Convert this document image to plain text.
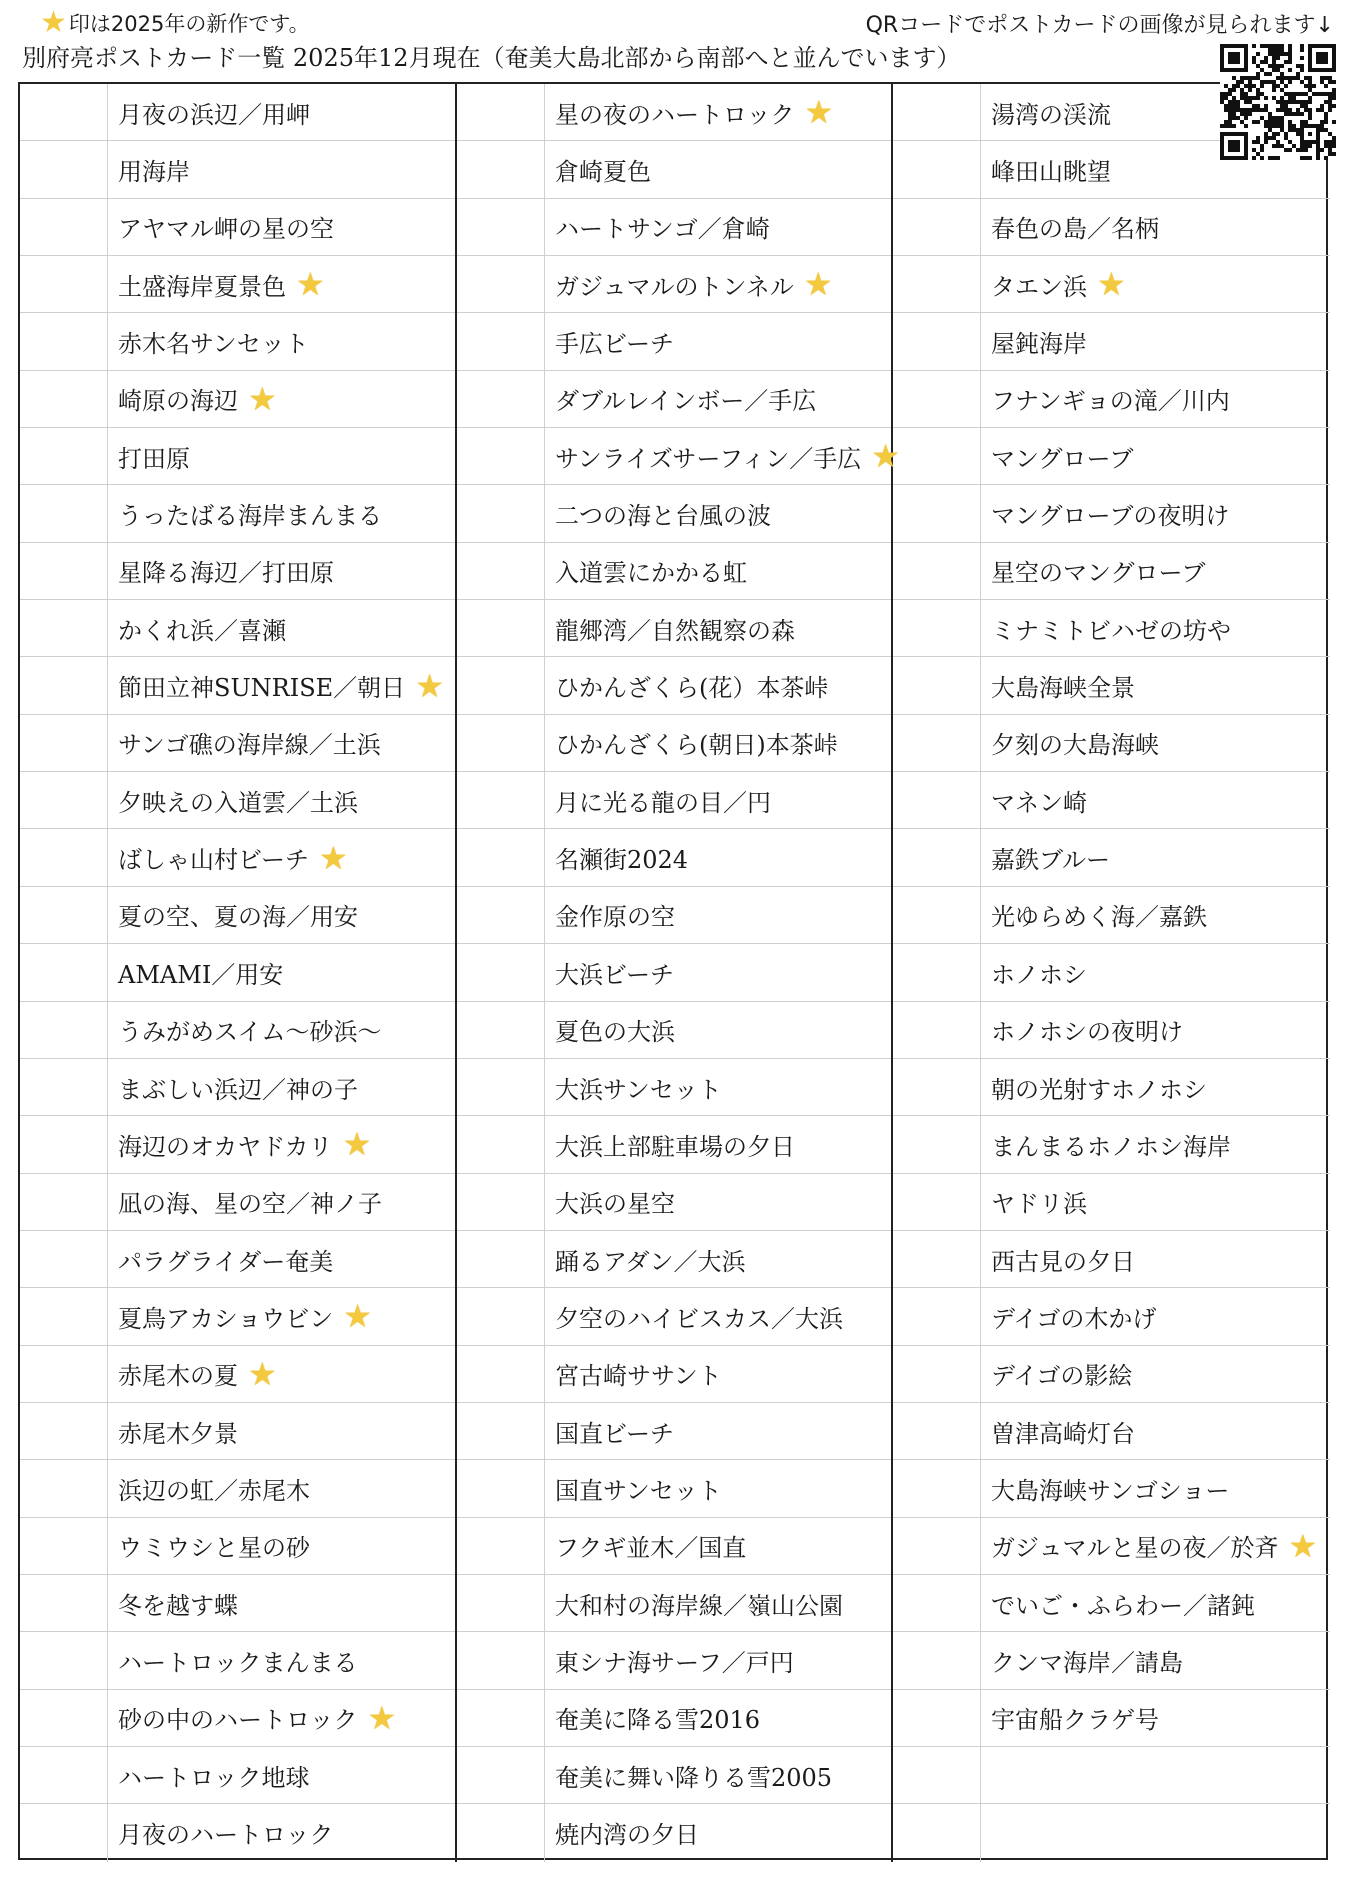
★ 印は2025年の新作です。	QRコードでポストカードの画像が見られます↓
別府亮ポストカード一覧 2025年12月現在（奄美大島北部から南部へと並んでいます）
月夜の浜辺／用岬
用海岸
アヤマル岬の星の空
土盛海岸夏景色 ★
赤木名サンセット
崎原の海辺 ★
打田原
うったばる海岸まんまる
星降る海辺／打田原
かくれ浜／喜瀬
節田立神SUNRISE／朝日 ★
サンゴ礁の海岸線／土浜
夕映えの入道雲／土浜
ばしゃ山村ビーチ ★
夏の空、夏の海／用安
AMAMI／用安
うみがめスイム〜砂浜〜
まぶしい浜辺／神の子
海辺のオカヤドカリ ★
凪の海、星の空／神ノ子
パラグライダー奄美
夏鳥アカショウビン ★
赤尾木の夏 ★
赤尾木夕景
浜辺の虹／赤尾木
ウミウシと星の砂
冬を越す蝶
ハートロックまんまる
砂の中のハートロック ★
ハートロック地球
月夜のハートロック
星の夜のハートロック ★
倉崎夏色
ハートサンゴ／倉崎
ガジュマルのトンネル ★
手広ビーチ
ダブルレインボー／手広
サンライズサーフィン／手広 ★
二つの海と台風の波
入道雲にかかる虹
龍郷湾／自然観察の森
ひかんざくら(花）本茶峠
ひかんざくら(朝日)本茶峠
月に光る龍の目／円
名瀬街2024
金作原の空
大浜ビーチ
夏色の大浜
大浜サンセット
大浜上部駐車場の夕日
大浜の星空
踊るアダン／大浜
夕空のハイビスカス／大浜
宮古崎ササント
国直ビーチ
国直サンセット
フクギ並木／国直
大和村の海岸線／嶺山公園
東シナ海サーフ／戸円
奄美に降る雪2016
奄美に舞い降りる雪2005
焼内湾の夕日
湯湾の渓流
峰田山眺望
春色の島／名柄
タエン浜 ★
屋鈍海岸
フナンギョの滝／川内
マングローブ
マングローブの夜明け
星空のマングローブ
ミナミトビハゼの坊や
大島海峡全景
夕刻の大島海峡
マネン崎
嘉鉄ブルー
光ゆらめく海／嘉鉄
ホノホシ
ホノホシの夜明け
朝の光射すホノホシ
まんまるホノホシ海岸
ヤドリ浜
西古見の夕日
デイゴの木かげ
デイゴの影絵
曽津高崎灯台
大島海峡サンゴショー
ガジュマルと星の夜／於斉 ★
でいご・ふらわー／諸鈍
クンマ海岸／請島
宇宙船クラゲ号
